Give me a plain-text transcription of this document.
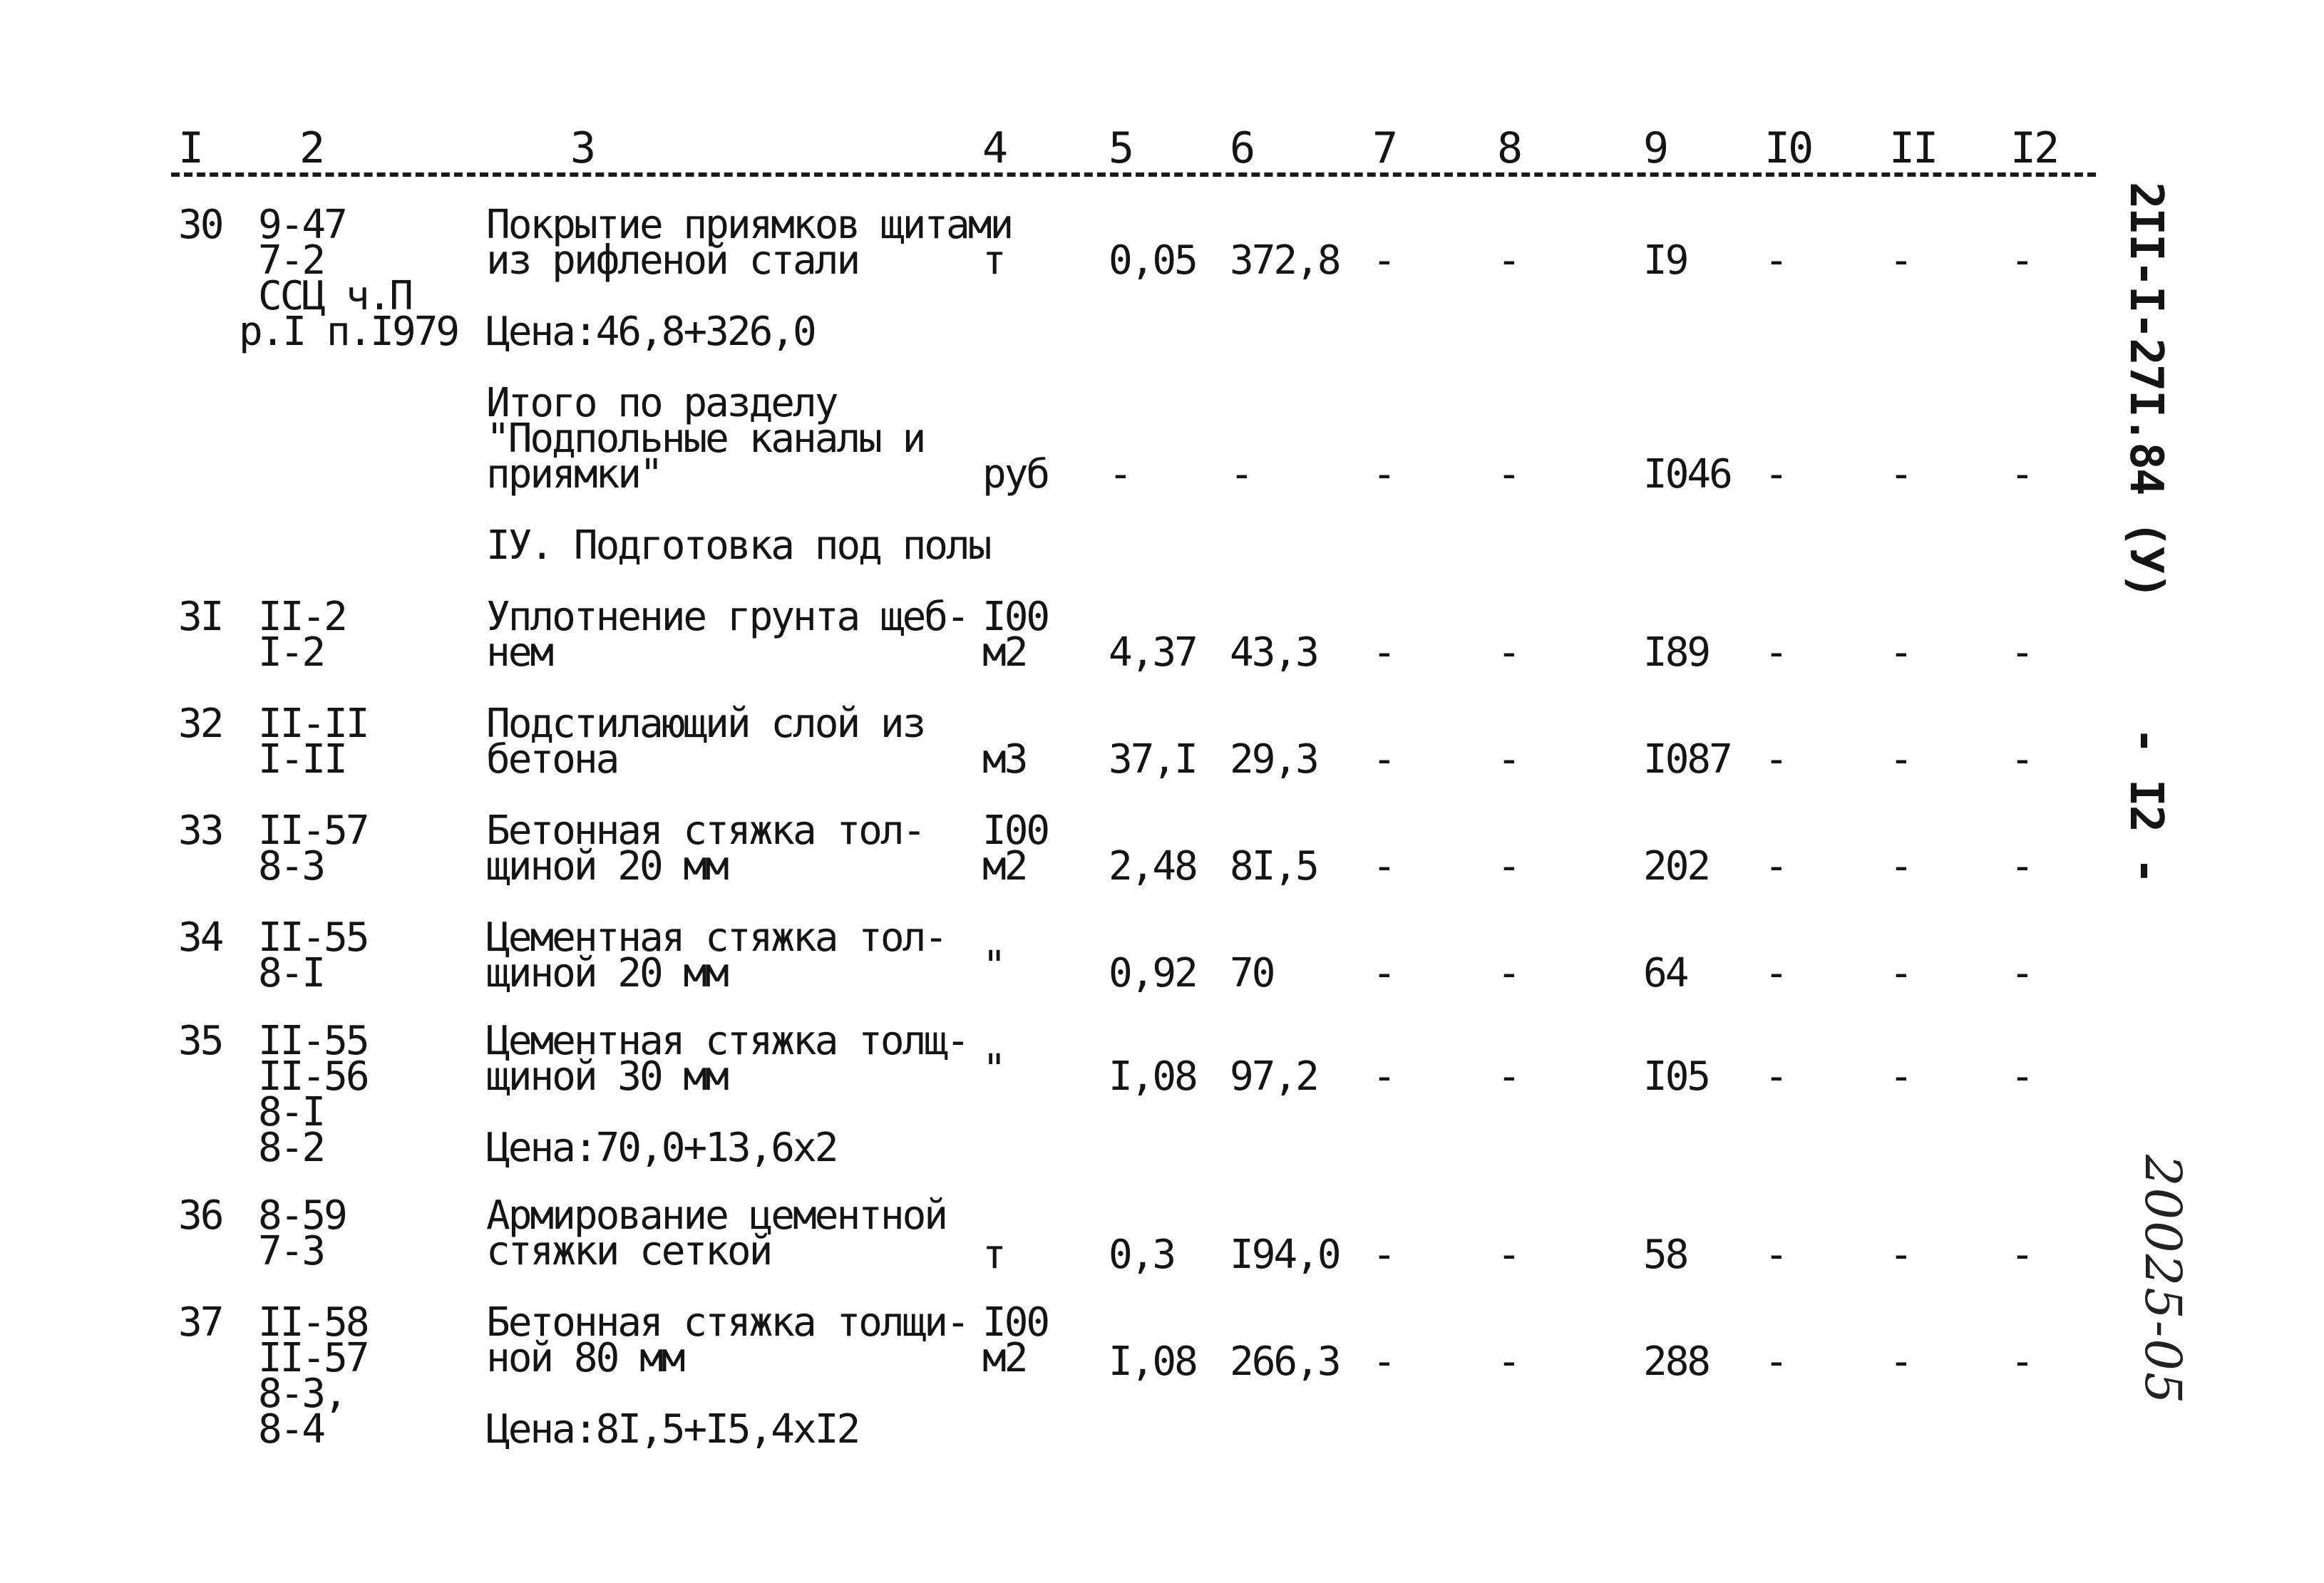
I 2	3	4 5 6	7 8	9 I0 II I2
30 9-47
7-2
ССЦ ч.П
р.I п.I979
Покрытие приямков щитами
из рифленой стали
Цена:46,8+326,0
т	0,05 372,8 -	-	I9 -	- -
Итого по разделу
"Подпольные каналы и
приямки"	руб - -	-	-	I046 -	- -
IУ. Подготовка под полы
3I II-2
I-2
Уплотнение грунта щеб-
нем
I00
м2 4,37 43,3 -	-	I89 -	- -
32 II-II
I-II
Подстилающий слой из
бетона	м3 37,I 29,3 -	-	I087 -	- -
33 II-57
8-3
Бетонная стяжка тол-
щиной 20 мм
I00
м2 2,48 8I,5 -	-	202 -	- -
34 II-55
8-I
Цементная стяжка тол-
щиной 20 мм	"	0,92 70 -	-	64 -	- -
35 II-55
II-56
8-I
8-2
Цементная стяжка толщ-
щиной 30 мм
Цена:70,0+13,6х2
"	I,08 97,2 -	-	I05 -	- -
36 8-59
7-3
Армирование цементной
стяжки сеткой	т	0,3 I94,0 -	-	58 -	- -
37 II-58
II-57
8-3,
8-4
Бетонная стяжка толщи-
ной 80 мм
Цена:8I,5+I5,4хI2
I00
м2 I,08 266,3 -	-	288 -	- -
2II-I-27I.84 (У)
- I2 -
20025-05
